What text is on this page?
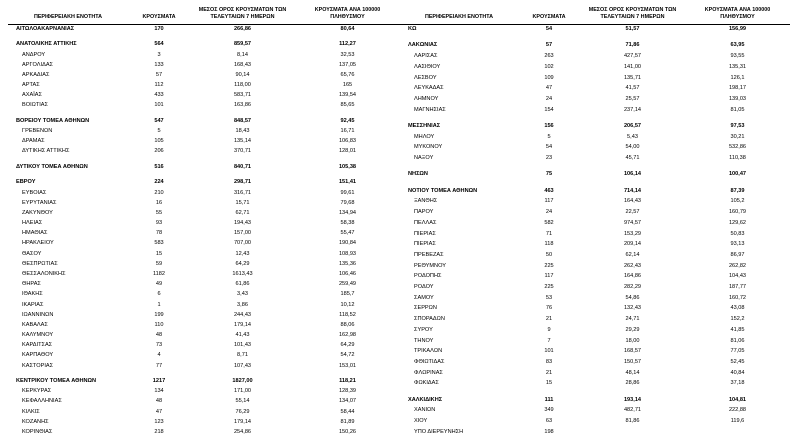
ΠΕΡΙΦΕΡΕΙΑΚΗ ΕΝΟΤΗΤΑ	ΚΡΟΥΣΜΑΤΑ	ΜΕΣΟΣ ΟΡΟΣ ΚΡΟΥΣΜΑΤΩΝ ΤΩΝ ΤΕΛΕΥΤΑΙΩΝ 7 ΗΜΕΡΩΝ	ΚΡΟΥΣΜΑΤΑ ΑΝΑ 100000 ΠΛΗΘΥΣΜΟΥ
ΑΙΤΩΛΟΑΚΑΡΝΑΝΙΑΣ	170	266,86	80,64

ΑΝΑΤΟΛΙΚΗΣ ΑΤΤΙΚΗΣ	564	859,57	112,27
ΑΝΔΡΟΥ	3	8,14	32,53
ΑΡΓΟΛΙΔΑΣ	133	168,43	137,05
ΑΡΚΑΔΙΑΣ	57	90,14	65,76
ΑΡΤΑΣ	112	118,00	165
ΑΧΑΪΑΣ	433	583,71	139,54
ΒΟΙΩΤΙΑΣ	101	163,86	85,65

ΒΟΡΕΙΟΥ ΤΟΜΕΑ ΑΘΗΝΩΝ	547	848,57	92,45
ΓΡΕΒΕΝΩΝ	5	18,43	16,71
ΔΡΑΜΑΣ	105	135,14	106,83
ΔΥΤΙΚΗΣ ΑΤΤΙΚΗΣ	206	370,71	128,01

ΔΥΤΙΚΟΥ ΤΟΜΕΑ ΑΘΗΝΩΝ	516	840,71	105,38

ΕΒΡΟΥ	224	298,71	151,41
ΕΥΒΟΙΑΣ	210	316,71	99,61
ΕΥΡΥΤΑΝΙΑΣ	16	15,71	79,68
ΖΑΚΥΝΘΟΥ	55	62,71	134,94
ΗΛΕΙΑΣ	93	194,43	58,38
ΗΜΑΘΙΑΣ	78	157,00	55,47
ΗΡΑΚΛΕΙΟΥ	583	707,00	190,84
ΘΑΣΟΥ	15	12,43	108,93
ΘΕΣΠΡΩΤΙΑΣ	59	64,29	135,36
ΘΕΣΣΑΛΟΝΙΚΗΣ	1182	1613,43	106,46
ΘΗΡΑΣ	49	61,86	259,49
ΙΘΑΚΗΣ	6	3,43	185,7
ΙΚΑΡΙΑΣ	1	3,86	10,12
ΙΩΑΝΝΙΝΩΝ	199	244,43	118,52
ΚΑΒΑΛΑΣ	110	179,14	88,06
ΚΑΛΥΜΝΟΥ	48	41,43	162,98
ΚΑΡΔΙΤΣΑΣ	73	101,43	64,29
ΚΑΡΠΑΘΟΥ	4	8,71	54,72
ΚΑΣΤΟΡΙΑΣ	77	107,43	153,01

ΚΕΝΤΡΙΚΟΥ ΤΟΜΕΑ ΑΘΗΝΩΝ	1217	1827,00	118,21
ΚΕΡΚΥΡΑΣ	134	171,00	128,39
ΚΕΦΑΛΛΗΝΙΑΣ	48	55,14	134,07
ΚΙΛΚΙΣ	47	76,29	58,44
ΚΟΖΑΝΗΣ	123	179,14	81,89
ΚΟΡΙΝΘΙΑΣ	218	254,86	150,26
ΠΕΡΙΦΕΡΕΙΑΚΗ ΕΝΟΤΗΤΑ	ΚΡΟΥΣΜΑΤΑ	ΜΕΣΟΣ ΟΡΟΣ ΚΡΟΥΣΜΑΤΩΝ ΤΩΝ ΤΕΛΕΥΤΑΙΩΝ 7 ΗΜΕΡΩΝ	ΚΡΟΥΣΜΑΤΑ ΑΝΑ 100000 ΠΛΗΘΥΣΜΟΥ
ΚΩ	54	51,57	156,99

ΛΑΚΩΝΙΑΣ	57	71,86	63,95
ΛΑΡΙΣΑΣ	263	427,57	93,55
ΛΑΣΙΘΙΟΥ	102	141,00	135,31
ΛΕΣΒΟΥ	109	135,71	126,1
ΛΕΥΚΑΔΑΣ	47	41,57	198,17
ΛΗΜΝΟΥ	24	25,57	139,03
ΜΑΓΝΗΣΙΑΣ	154	237,14	81,05

ΜΕΣΣΗΝΙΑΣ	156	206,57	97,53
ΜΗΛΟΥ	5	5,43	30,21
ΜΥΚΟΝΟΥ	54	54,00	532,86
ΝΑΞΟΥ	23	45,71	110,38

ΝΗΣΩΝ	75	106,14	100,47

ΝΟΤΙΟΥ ΤΟΜΕΑ ΑΘΗΝΩΝ	463	714,14	87,39
ΞΑΝΘΗΣ	117	164,43	105,2
ΠΑΡΟΥ	24	22,57	160,79
ΠΕΛΛΑΣ	582	974,57	129,62
ΠΙΕΡΙΑΣ	71	153,29	50,83
ΠΙΕΡΙΑΣ	118	209,14	93,13
ΠΡΕΒΕΖΑΣ	50	62,14	86,97
ΡΕΘΥΜΝΟΥ	225	262,43	262,82
ΡΟΔΟΠΗΣ	117	164,86	104,43
ΡΟΔΟΥ	225	282,29	187,77
ΣΑΜΟΥ	53	54,86	160,72
ΣΕΡΡΩΝ	76	132,43	43,08
ΣΠΟΡΑΔΩΝ	21	24,71	152,2
ΣΥΡΟΥ	9	29,29	41,85
ΤΗΝΟΥ	7	18,00	81,06
ΤΡΙΚΑΛΩΝ	101	168,57	77,05
ΦΘΙΩΤΙΔΑΣ	83	150,57	52,45
ΦΛΩΡΙΝΑΣ	21	48,14	40,84
ΦΩΚΙΔΑΣ	15	28,86	37,18

ΧΑΛΚΙΔΙΚΗΣ	111	193,14	104,81
ΧΑΝΙΩΝ	349	482,71	222,88
ΧΙΟΥ	63	81,86	119,6
ΥΠΟ ΔΙΕΡΕΥΝΗΣΗ	198		
